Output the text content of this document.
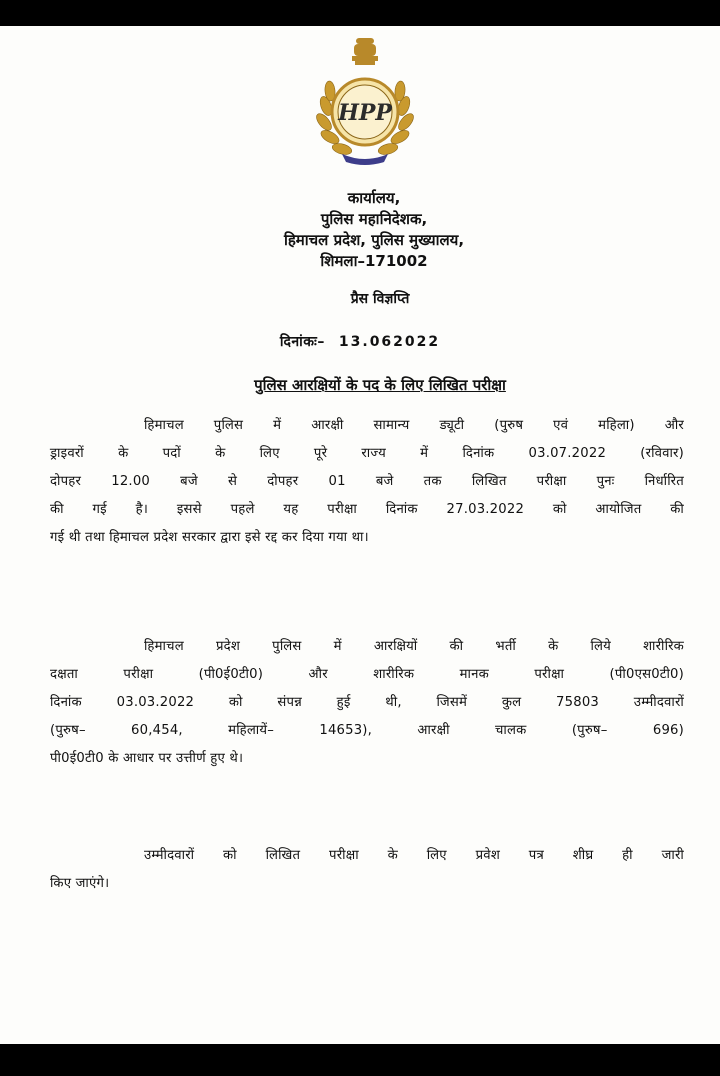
HPP
कार्यालय,
पुलिस महानिदेशक,
हिमाचल प्रदेश, पुलिस मुख्यालय,
शिमला–171002
प्रैस विज्ञप्ति
दिनांकः– 13.062022
पुलिस आरक्षियों के पद के लिए लिखित परीक्षा
हिमाचल पुलिस में आरक्षी सामान्य ड्यूटी (पुरुष एवं महिला) और
ड्राइवरों के पदों के लिए पूरे राज्य में दिनांक 03.07.2022 (रविवार)
दोपहर 12.00 बजे से दोपहर 01 बजे तक लिखित परीक्षा पुनः निर्धारित
की गई है। इससे पहले यह परीक्षा दिनांक 27.03.2022 को आयोजित की
गई थी तथा हिमाचल प्रदेश सरकार द्वारा इसे रद्द कर दिया गया था।
हिमाचल प्रदेश पुलिस में आरक्षियों की भर्ती के लिये शारीरिक
दक्षता परीक्षा (पी0ई0टी0) और शारीरिक मानक परीक्षा (पी0एस0टी0)
दिनांक 03.03.2022 को संपन्न हुई थी, जिसमें कुल 75803 उम्मीदवारों
(पुरुष– 60,454, महिलायें– 14653), आरक्षी चालक (पुरुष– 696)
पी0ई0टी0 के आधार पर उत्तीर्ण हुए थे।
उम्मीदवारों को लिखित परीक्षा के लिए प्रवेश पत्र शीघ्र ही जारी
किए जाएंगे।
